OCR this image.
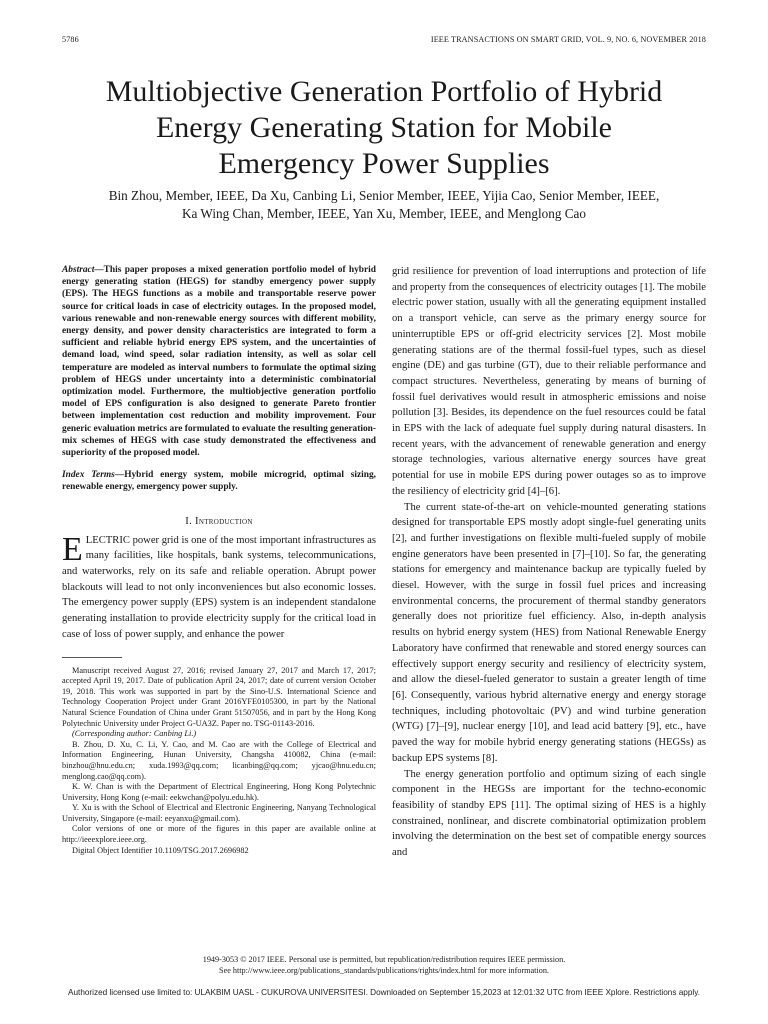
5786	IEEE TRANSACTIONS ON SMART GRID, VOL. 9, NO. 6, NOVEMBER 2018
Multiobjective Generation Portfolio of Hybrid
Energy Generating Station for Mobile
Emergency Power Supplies
Bin Zhou, Member, IEEE, Da Xu, Canbing Li, Senior Member, IEEE, Yijia Cao, Senior Member, IEEE,
Ka Wing Chan, Member, IEEE, Yan Xu, Member, IEEE, and Menglong Cao

Abstract—This paper proposes a mixed generation portfolio model of hybrid energy generating station (HEGS) for standby emergency power supply (EPS). The HEGS functions as a mobile and transportable reserve power source for critical loads in case of electricity outages. In the proposed model, various renewable and non-renewable energy sources with different mobility, energy density, and power density characteristics are integrated to form a sufficient and reliable hybrid energy EPS system, and the uncertainties of demand load, wind speed, solar radiation intensity, as well as solar cell temperature are modeled as interval numbers to formulate the optimal sizing problem of HEGS under uncertainty into a deterministic combinatorial optimization model. Furthermore, the multiobjective generation portfolio model of EPS configuration is also designed to generate Pareto frontier between implementation cost reduction and mobility improvement. Four generic evaluation metrics are formulated to evaluate the resulting generation-mix schemes of HEGS with case study demonstrated the effectiveness and superiority of the proposed model.

Index Terms—Hybrid energy system, mobile microgrid, optimal sizing, renewable energy, emergency power supply.

I. Introduction

ELECTRIC power grid is one of the most important infrastructures as many facilities, like hospitals, bank systems, telecommunications, and waterworks, rely on its safe and reliable operation. Abrupt power blackouts will lead to not only inconveniences but also economic losses. The emergency power supply (EPS) system is an independent standalone generating installation to provide electricity supply for the critical load in case of loss of power supply, and enhance the power

Manuscript received August 27, 2016; revised January 27, 2017 and March 17, 2017; accepted April 19, 2017. Date of publication April 24, 2017; date of current version October 19, 2018. This work was supported in part by the Sino-U.S. International Science and Technology Cooperation Project under Grant 2016YFE0105300, in part by the National Natural Science Foundation of China under Grant 51507056, and in part by the Hong Kong Polytechnic University under Project G-UA3Z. Paper no. TSG-01143-2016.

(Corresponding author: Canbing Li.)

B. Zhou, D. Xu, C. Li, Y. Cao, and M. Cao are with the College of Electrical and Information Engineering, Hunan University, Changsha 410082, China (e-mail: binzhou@hnu.edu.cn; xuda.1993@qq.com; licanbing@qq.com; yjcao@hnu.edu.cn; menglong.cao@qq.com).

K. W. Chan is with the Department of Electrical Engineering, Hong Kong Polytechnic University, Hong Kong (e-mail: eekwchan@polyu.edu.hk).

Y. Xu is with the School of Electrical and Electronic Engineering, Nanyang Technological University, Singapore (e-mail: eeyanxu@gmail.com).

Color versions of one or more of the figures in this paper are available online at http://ieeexplore.ieee.org.

Digital Object Identifier 10.1109/TSG.2017.2696982

grid resilience for prevention of load interruptions and protection of life and property from the consequences of electricity outages [1]. The mobile electric power station, usually with all the generating equipment installed on a transport vehicle, can serve as the primary energy source for uninterruptible EPS or off-grid electricity services [2]. Most mobile generating stations are of the thermal fossil-fuel types, such as diesel engine (DE) and gas turbine (GT), due to their reliable performance and compact structures. Nevertheless, generating by means of burning of fossil fuel derivatives would result in atmospheric emissions and noise pollution [3]. Besides, its dependence on the fuel resources could be fatal in EPS with the lack of adequate fuel supply during natural disasters. In recent years, with the advancement of renewable generation and energy storage technologies, various alternative energy sources have great potential for use in mobile EPS during power outages so as to improve the resiliency of electricity grid [4]–[6].

The current state-of-the-art on vehicle-mounted generating stations designed for transportable EPS mostly adopt single-fuel generating units [2], and further investigations on flexible multi-fueled supply of mobile engine generators have been presented in [7]–[10]. So far, the generating stations for emergency and maintenance backup are typically fueled by diesel. However, with the surge in fossil fuel prices and increasing environmental concerns, the procurement of thermal standby generators generally does not prioritize fuel efficiency. Also, in-depth analysis results on hybrid energy system (HES) from National Renewable Energy Laboratory have confirmed that renewable and stored energy sources can effectively support energy security and resiliency of electricity system, and allow the diesel-fueled generator to sustain a greater length of time [6]. Consequently, various hybrid alternative energy and energy storage techniques, including photovoltaic (PV) and wind turbine generation (WTG) [7]–[9], nuclear energy [10], and lead acid battery [9], etc., have paved the way for mobile hybrid energy generating stations (HEGSs) as backup EPS systems [8].

The energy generation portfolio and optimum sizing of each single component in the HEGSs are important for the techno-economic feasibility of standby EPS [11]. The optimal sizing of HES is a highly constrained, nonlinear, and discrete combinatorial optimization problem involving the determination on the best set of compatible energy sources and

1949-3053 © 2017 IEEE. Personal use is permitted, but republication/redistribution requires IEEE permission.
See http://www.ieee.org/publications_standards/publications/rights/index.html for more information.
Authorized licensed use limited to: ULAKBIM UASL - CUKUROVA UNIVERSITESI. Downloaded on September 15,2023 at 12:01:32 UTC from IEEE Xplore. Restrictions apply.
